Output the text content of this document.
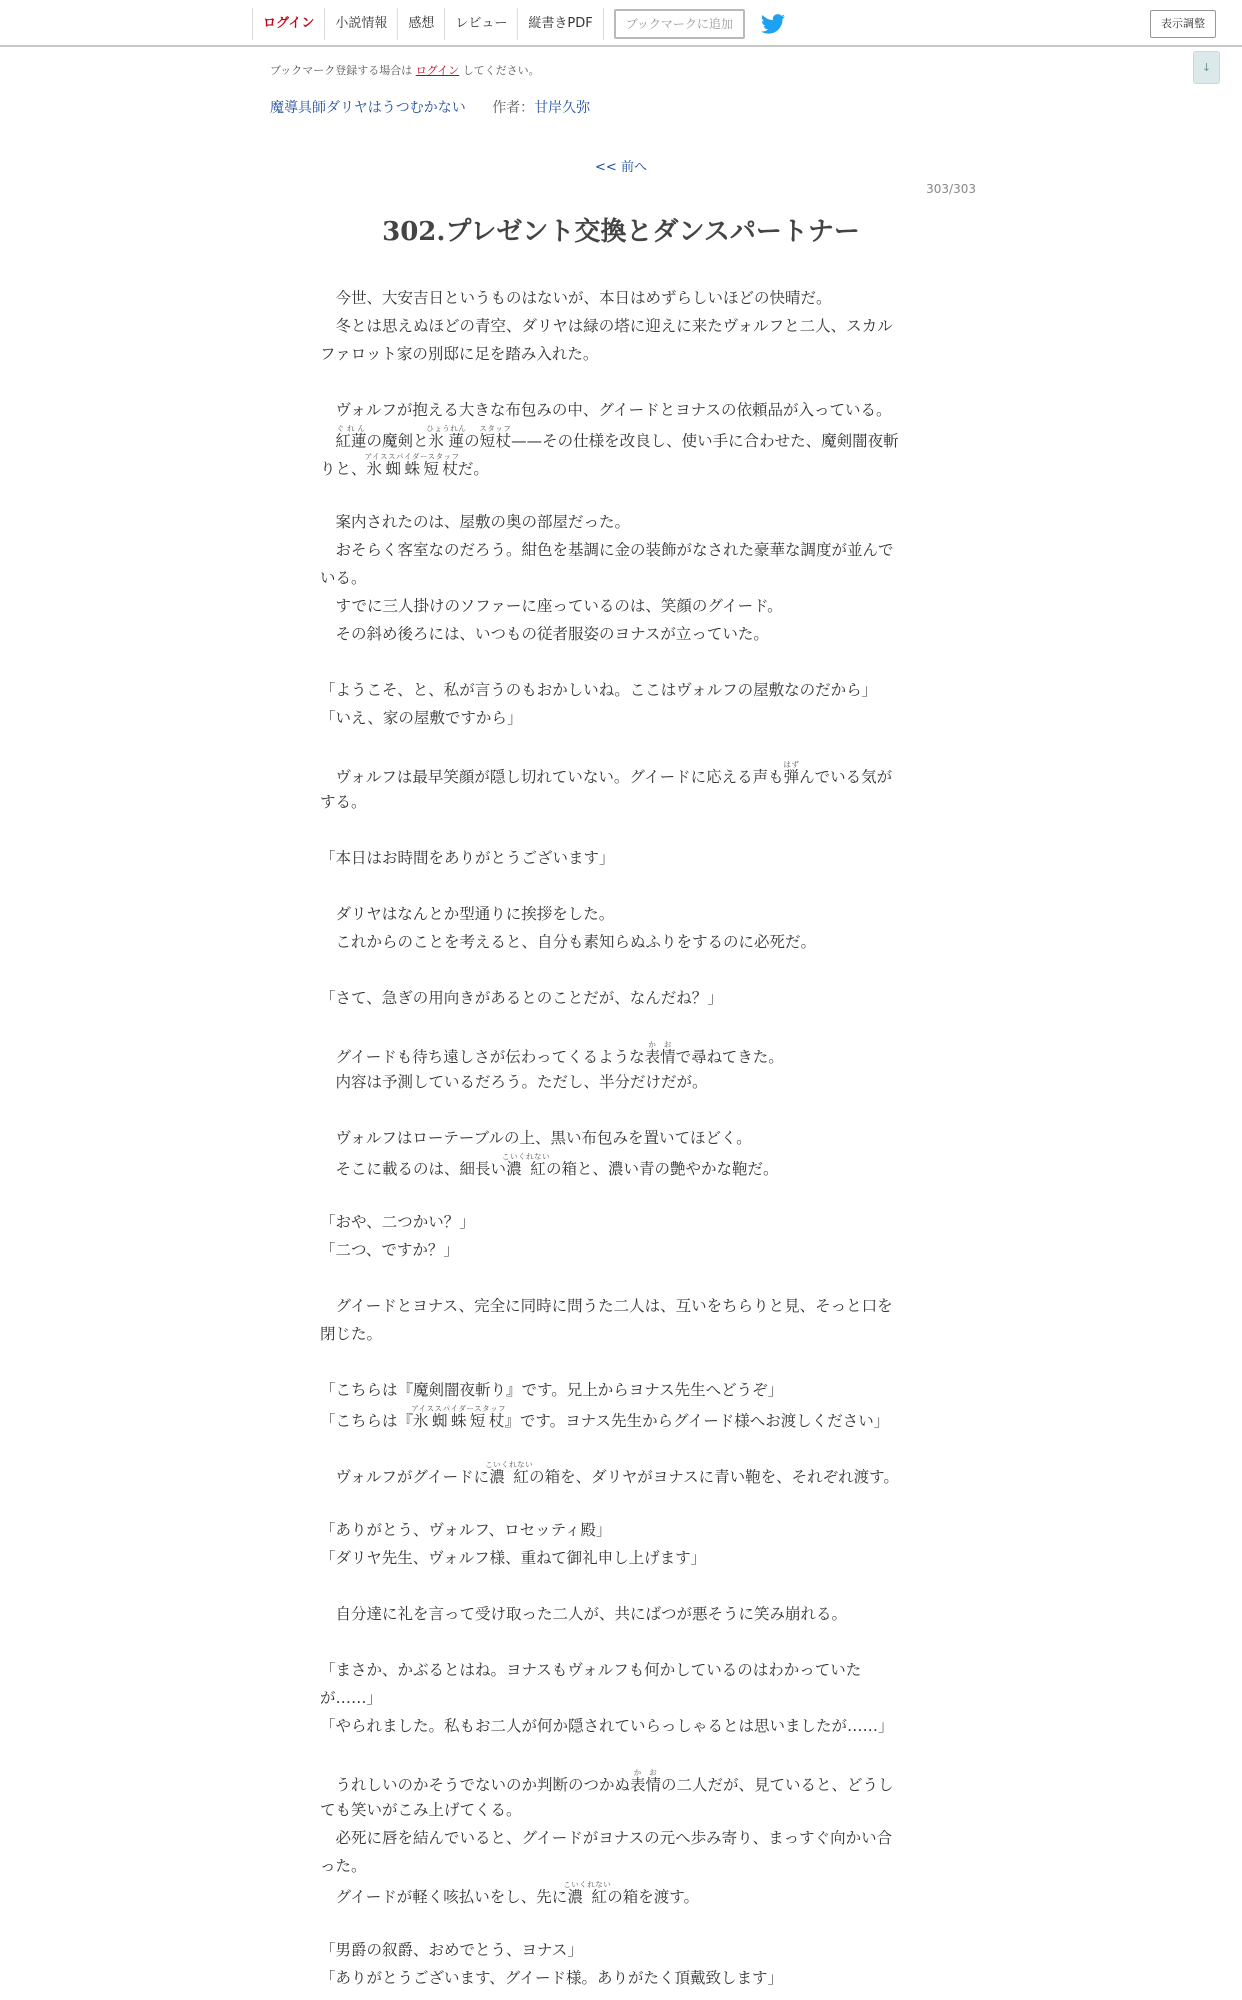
ログイン	小説情報	感想	レビュー	縦書きPDF	ブックマークに追加	表示調整
↓
ブックマーク登録する場合は ログイン してください。
魔導具師ダリヤはうつむかない 作者：甘岸久弥
<< 前へ
303/303
302.プレゼント交換とダンスパートナー
　今世、大安吉日というものはないが、本日はめずらしいほどの快晴だ。
　冬とは思えぬほどの青空、ダリヤは緑の塔に迎えに来たヴォルフと二人、スカル
ファロット家の別邸に足を踏み入れた。
　ヴォルフが抱える大きな布包みの中、グイードとヨナスの依頼品が入っている。
　紅蓮ぐれんの魔剣と氷蓮ひょうれんの短杖スタッフ——その仕様を改良し、使い手に合わせた、魔剣闇夜斬
りと、氷蜘蛛短杖アイススパイダースタッフだ。
　案内されたのは、屋敷の奥の部屋だった。
　おそらく客室なのだろう。紺色を基調に金の装飾がなされた豪華な調度が並んで
いる。
　すでに三人掛けのソファーに座っているのは、笑顔のグイード。
　その斜め後ろには、いつもの従者服姿のヨナスが立っていた。
「ようこそ、と、私が言うのもおかしいね。ここはヴォルフの屋敷なのだから」
「いえ、家の屋敷ですから」
　ヴォルフは最早笑顔が隠し切れていない。グイードに応える声も弾はずんでいる気が
する。
「本日はお時間をありがとうございます」
　ダリヤはなんとか型通りに挨拶をした。
　これからのことを考えると、自分も素知らぬふりをするのに必死だ。
「さて、急ぎの用向きがあるとのことだが、なんだね？」
　グイードも待ち遠しさが伝わってくるような表情かおで尋ねてきた。
　内容は予測しているだろう。ただし、半分だけだが。
　ヴォルフはローテーブルの上、黒い布包みを置いてほどく。
　そこに載るのは、細長い濃紅こいくれないの箱と、濃い青の艶やかな鞄だ。
「おや、二つかい？」
「二つ、ですか？」
　グイードとヨナス、完全に同時に問うた二人は、互いをちらりと見、そっと口を
閉じた。
「こちらは『魔剣闇夜斬り』です。兄上からヨナス先生へどうぞ」
「こちらは『氷蜘蛛短杖アイススパイダースタッフ』です。ヨナス先生からグイード様へお渡しください」
　ヴォルフがグイードに濃紅こいくれないの箱を、ダリヤがヨナスに青い鞄を、それぞれ渡す。
「ありがとう、ヴォルフ、ロセッティ殿」
「ダリヤ先生、ヴォルフ様、重ねて御礼申し上げます」
　自分達に礼を言って受け取った二人が、共にばつが悪そうに笑み崩れる。
「まさか、かぶるとはね。ヨナスもヴォルフも何かしているのはわかっていた
が……」
「やられました。私もお二人が何か隠されていらっしゃるとは思いましたが……」
　うれしいのかそうでないのか判断のつかぬ表情かおの二人だが、見ていると、どうし
ても笑いがこみ上げてくる。
　必死に唇を結んでいると、グイードがヨナスの元へ歩み寄り、まっすぐ向かい合
った。
　グイードが軽く咳払いをし、先に濃紅こいくれないの箱を渡す。
「男爵の叙爵、おめでとう、ヨナス」
「ありがとうございます、グイード様。ありがたく頂戴致します」
